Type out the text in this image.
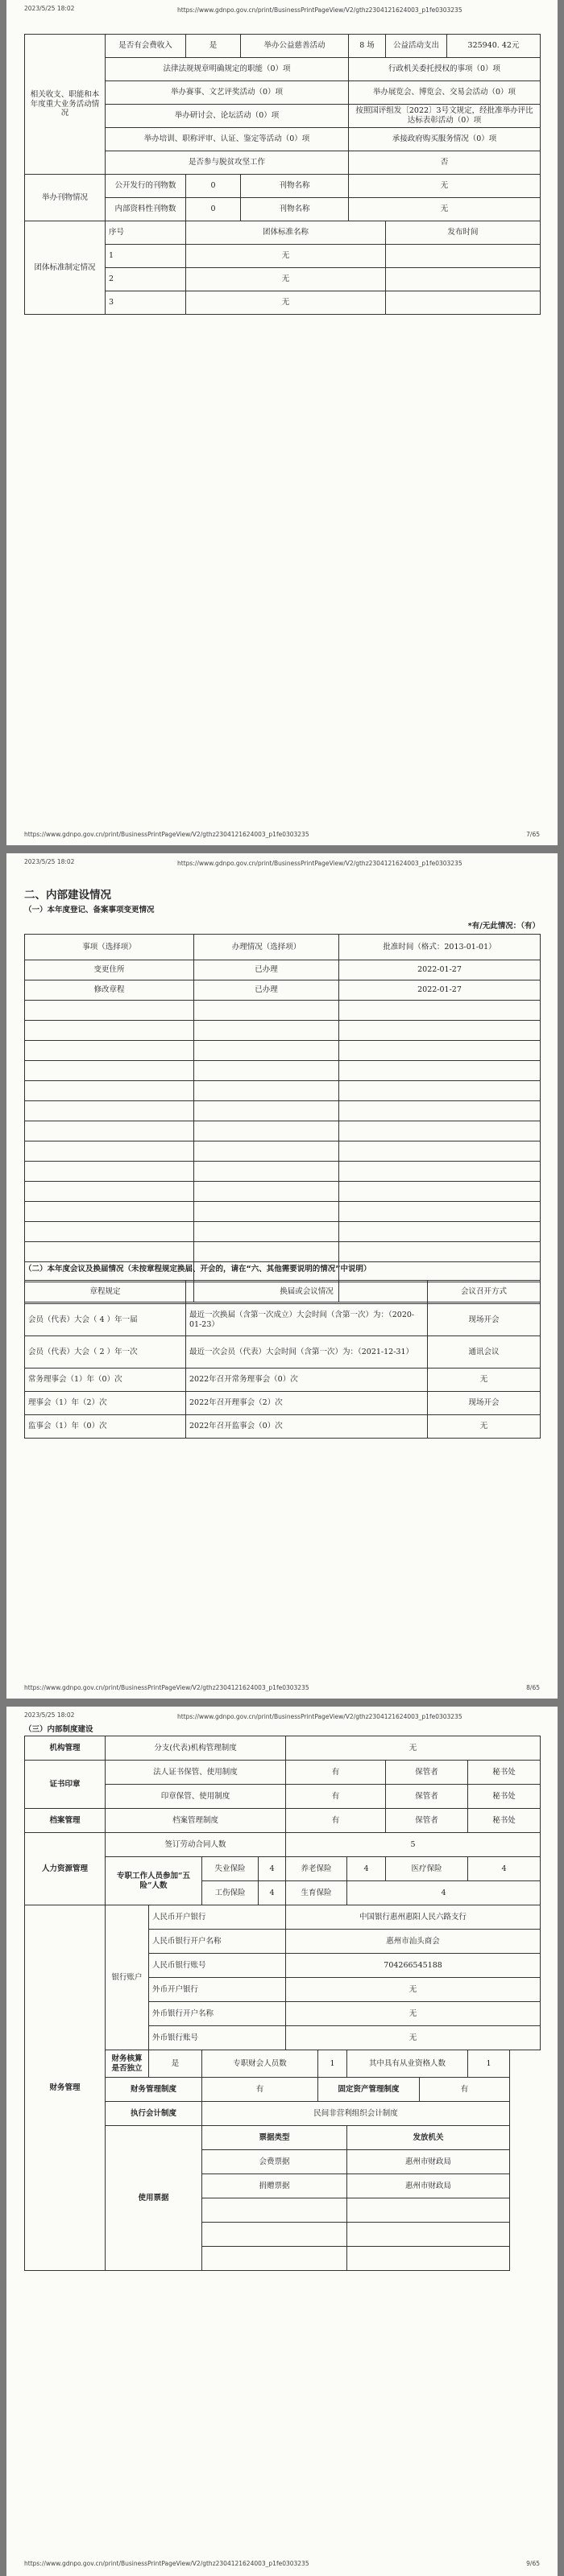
2023/5/25 18:02	https://www.gdnpo.gov.cn/print/BusinessPrintPageView/V2/gthz2304121624003_p1fe0303235
相关收支、职能和本年度重大业务活动情况	是否有会费收入	是	举办公益慈善活动	8 场	公益活动支出	325940. 42元
	法律法规规章明确规定的职能（0）项			行政机关委托授权的事项（0）项		
	举办赛事、文艺评奖活动（0）项			举办展览会、博览会、交易会活动（0）项		
	举办研讨会、论坛活动（0）项			按照国评组发〔2022〕3号文规定，经批准举办评比达标表彰活动（0）项		
	举办培训、职称评审、认证、鉴定等活动（0）项			承接政府购买服务情况（0）项		
	是否参与脱贫攻坚工作			否		
举办刊物情况	公开发行的刊物数	0	刊物名称	无		
	内部资料性刊物数	0	刊物名称	无		
团体标准制定情况	序号	团体标准名称			发布时间	
	1	无				
	2	无				
	3	无				
https://www.gdnpo.gov.cn/print/BusinessPrintPageView/V2/gthz2304121624003_p1fe0303235	7/65
2023/5/25 18:02	https://www.gdnpo.gov.cn/print/BusinessPrintPageView/V2/gthz2304121624003_p1fe0303235
二、内部建设情况
（一）本年度登记、备案事项变更情况
*有/无此情况：（有）
事项（选择项）	办理情况（选择项）	批准时间（格式：2013-01-01）
变更住所	已办理	2022-01-27
修改章程	已办理	2022-01-27

（二）本年度会议及换届情况（未按章程规定换届、开会的，请在“六、其他需要说明的情况”中说明）
章程规定	换届或会议情况	会议召开方式
会员（代表）大会（ 4 ）年一届	最近一次换届（含第一次成立）大会时间（含第一次）为：（2020-01-23）	现场开会
会员（代表）大会（ 2 ）年一次	最近一次会员（代表）大会时间（含第一次）为：（2021-12-31）	通讯会议
常务理事会（1）年（0）次	2022年召开常务理事会（0）次	无
理事会（1）年（2）次	2022年召开理事会（2）次	现场开会
监事会（1）年（0）次	2022年召开监事会（0）次	无
https://www.gdnpo.gov.cn/print/BusinessPrintPageView/V2/gthz2304121624003_p1fe0303235	8/65
2023/5/25 18:02	https://www.gdnpo.gov.cn/print/BusinessPrintPageView/V2/gthz2304121624003_p1fe0303235
（三）内部制度建设
机构管理	分支(代表)机构管理制度				无					
证书印章	法人证书保管、使用制度				有			保管者		秘书处
	印章保管、使用制度				有			保管者		秘书处
档案管理	档案管理制度				有			保管者		秘书处
人力资源管理	签订劳动合同人数				5					
	专职工作人员参加“五险”人数		失业保险	4	养老保险		4	医疗保险		4
			工伤保险	4	生育保险		4			
财务管理	银行账户	人民币开户银行			中国银行惠州惠阳人民六路支行					
		人民币银行开户名称			惠州市汕头商会					
		人民币银行账号			704266545188					
		外币开户银行			无					
		外币银行开户名称			无					
		外币银行账号			无					
	财务核算是否独立	是	专职财会人员数			1	其中具有从业资格人数			1
	财务管理制度		有			固定资产管理制度			有	
	执行会计制度		民间非营利组织会计制度							
	使用票据		票据类型				发放机关			
			会费票据				惠州市财政局			
			捐赠票据				惠州市财政局			

https://www.gdnpo.gov.cn/print/BusinessPrintPageView/V2/gthz2304121624003_p1fe0303235	9/65
